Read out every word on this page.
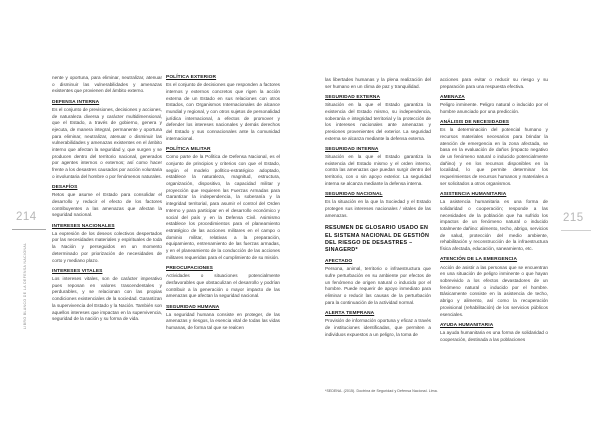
214
LIBRO BLANCO DE LA DEFENSA NACIONAL

nente y oportuna, para eliminar, neutralizar, atenuar o disminuir las vulnerabilidades y amenazas existentes que provienen del ámbito externo.

DEFENSA INTERNA

Es el conjunto de previsiones, decisiones y acciones, de naturaleza diversa y carácter multidimensional, que el Estado, a través de gobierno, genera y ejecuta, de manera integral, permanente y oportuna para eliminar, neutralizar, atenuar o disminuir las vulnerabilidades y amenazas existentes en el ámbito interno que afectan la seguridad y, que surgen y se producen dentro del territorio nacional, generados por agentes internos o externos; así como hacer frente a los desastres causados por acción voluntaria o involuntaria del hombre o por fenómenos naturales.

DESAFÍOS

Retos que asume el Estado para consolidar el desarrollo y reducir el efecto de los factores contribuyentes a las amenazas que afectan la seguridad nacional.

INTERESES NACIONALES

La expresión de los deseos colectivos despertados por las necesidades materiales y espirituales de toda la Nación y perseguidos en un momento determinado por priorización de necesidades de corto y mediano plazo.

INTERESES VITALES

Los intereses vitales, son de carácter imperativo pues reposan en valores trascendentales y perdurables, y se relacionan con las propias condiciones existenciales de la sociedad. Garantizan la supervivencia del Estado y la Nación. También son aquellos intereses que impactan en la supervivencia, seguridad de la nación y su forma de vida.

POLÍTICA EXTERIOR

Es el conjunto de decisiones que responden a factores internos y externos concretos que rigen la acción externa de un Estado en sus relaciones con otros Estados, con Organismos Internacionales de alcance mundial y regional, y con otros sujetos de personalidad jurídica internacional, a efectos de promover y defender los intereses nacionales y demás derechos del Estado y sus connacionales ante la comunidad internacional.

POLÍTICA MILITAR

Como parte de la Política de Defensa Nacional, es el conjunto de principios y criterios con que el Estado, según el modelo político-estratégico adoptado, establece la naturaleza, magnitud, estructura, organización, dispositivo, la capacidad militar y proyección que requieren las Fuerzas Armadas para Garantizar la independencia, la soberanía y la integridad territorial, para asumir el control del Orden Interno y para participar en el desarrollo económico y social del país y en la Defensa Civil. Asimismo establece los procedimientos para el planeamiento estratégico de las acciones militares en el campo o dominio militar, relativas a la preparación, equipamiento, entrenamiento de las fuerzas armadas, y en el planeamiento de la conducción de las acciones militares requeridas para el cumplimiento de su misión.

PREOCUPACIONES

Actividades o situaciones potencialmente desfavorables que obstaculizan el desarrollo y podrían contribuir a la generación o mayor impacto de las amenazas que afectan la seguridad nacional.

SEGURIDAD HUMANA

La seguridad humana consiste en proteger, de las amenazas y riesgos, la esencia vital de todas las vidas humanas, de forma tal que se realcen

las libertades humanas y la plena realización del ser humano en un clima de paz y tranquilidad.

SEGURIDAD EXTERNA

Situación en la que el Estado garantiza la existencia del Estado mismo, su independencia, soberanía e integridad territorial y la protección de los intereses nacionales ante amenazas y presiones provenientes del exterior. La seguridad externa se alcanza mediante la defensa externa.

SEGURIDAD INTERNA

Situación en la que el Estado garantiza la existencia del Estado mismo y el orden interno, contra las amenazas que puedan surgir dentro del territorio, con o sin apoyo exterior. La seguridad interna se alcanza mediante la defensa interna.

SEGURIDAD NACIONAL

Es la situación en la que la Sociedad y el Estado protegen sus intereses nacionales / vitales de las amenazas.

RESUMEN DE GLOSARIO USADO EN EL SISTEMA NACIONAL DE GESTIÓN DEL RIESGO DE DESASTRES – SINAGERD*
AFECTADO

Persona, animal, territorio o infraestructura que sufre perturbación en su ambiente por efectos de un fenómeno de origen natural o inducido por el hombre. Puede requerir de apoyo inmediato para eliminar o reducir las causas de la perturbación para la continuación de la actividad normal.

ALERTA TEMPRANA

Provisión de información oportuna y eficaz a través de instituciones identificadas, que permiten a individuos expuestos a un peligro, la toma de

acciones para evitar o reducir su riesgo y su preparación para una respuesta efectiva.

AMENAZA

Peligro inminente. Peligro natural o inducido por el hombre anunciado por una predicción.

ANÁLISIS DE NECESIDADES

Es la determinación del potencial humano y recursos materiales necesarios para brindar la atención de emergencia en la zona afectada, se basa en la evaluación de daños (impacto negativo de un fenómeno natural o inducido potencialmente dañino) y en los recursos disponibles en la localidad, lo que permite determinar los requerimientos de recursos humanos y materiales a ser solicitados a otros organismos.

ASISTENCIA HUMANITARIA

La asistencia humanitaria es una forma de solidaridad o cooperación; responde a las necesidades de la población que ha sufrido los impactos de un fenómeno natural o inducido totalmente dañino: alimento, techo, abrigo, servicios de salud, protección del medio ambiente, rehabilitación y reconstrucción de la infraestructura física afectada, educación, saneamiento, etc.

ATENCIÓN DE LA EMERGENCIA

Acción de asistir a las personas que se encuentran en una situación de peligro inminente o que hayan sobrevivido a los efectos devastadores de un fenómeno natural o inducido por el hombre. Básicamente consiste en la asistencia de techo, abrigo y alimento, así como la recuperación provisional (rehabilitación) de los servicios públicos esenciales.

AYUDA HUMANITARIA

La ayuda humanitaria es una forma de solidaridad o cooperación, destinada a las poblaciones

215
*SEDENA. (2015). Doctrina de Seguridad y Defensa Nacional. Lima.
